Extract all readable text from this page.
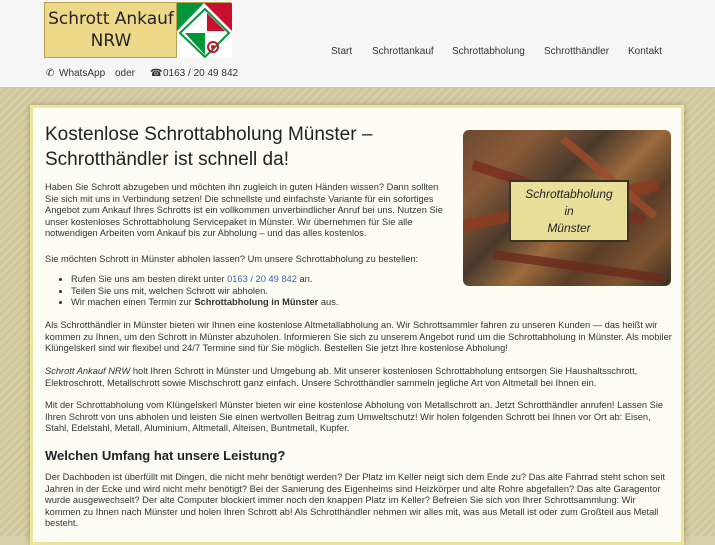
Schrott Ankauf
NRW
Start Schrottankauf Schrottabholung Schrotthändler Kontakt
✆ WhatsApp oder ☎ 0163 / 20 49 842
Kostenlose Schrottabholung Münster –
Schrotthändler ist schnell da!
Schrottabholung
in
Münster
Haben Sie Schrott abzugeben und möchten ihn zugleich in guten Händen wissen? Dann sollten Sie sich mit uns in Verbindung setzen! Die schnellste und einfachste Variante für ein sofortiges Angebot zum Ankauf Ihres Schrotts ist ein vollkommen unverbindlicher Anruf bei uns. Nutzen Sie unser kostenloses Schrottabholung Servicepaket in Münster. Wir übernehmen für Sie alle notwendigen Arbeiten vom Ankauf bis zur Abholung – und das alles kostenlos.
Sie möchten Schrott in Münster abholen lassen? Um unsere Schrottabholung zu bestellen:
• Rufen Sie uns am besten direkt unter 0163 / 20 49 842 an.
• Teilen Sie uns mit, welchen Schrott wir abholen.
• Wir machen einen Termin zur Schrottabholung in Münster aus.
Als Schrotthändler in Münster bieten wir Ihnen eine kostenlose Altmetallabholung an. Wir Schrottsammler fahren zu unseren Kunden — das heißt wir kommen zu Ihnen, um den Schrott in Münster abzuholen. Informieren Sie sich zu unserem Angebot rund um die Schrottabholung in Münster. Als mobiler Klüngelskerl sind wir flexibel und 24/7 Termine sind für Sie möglich. Bestellen Sie jetzt Ihre kostenlose Abholung!
Schrott Ankauf NRW holt Ihren Schrott in Münster und Umgebung ab. Mit unserer kostenlosen Schrottabholung entsorgen Sie Haushaltsschrott, Elektroschrott, Metallschrott sowie Mischschrott ganz einfach. Unsere Schrotthändler sammeln jegliche Art von Altmetall bei Ihnen ein.
Mit der Schrottabholung vom Klüngelskerl Münster bieten wir eine kostenlose Abholung von Metallschrott an. Jetzt Schrotthändler anrufen! Lassen Sie Ihren Schrott von uns abholen und leisten Sie einen wertvollen Beitrag zum Umweltschutz! Wir holen folgenden Schrott bei Ihnen vor Ort ab: Eisen, Stahl, Edelstahl, Metall, Aluminium, Altmetall, Alteisen, Buntmetall, Kupfer.
Welchen Umfang hat unsere Leistung?
Der Dachboden ist überfüllt mit Dingen, die nicht mehr benötigt werden? Der Platz im Keller neigt sich dem Ende zu? Das alte Fahrrad steht schon seit Jahren in der Ecke und wird nicht mehr benötigt? Bei der Sanierung des Eigenheims sind Heizkörper und alte Rohre abgefallen? Das alte Garagentor wurde ausgewechselt? Der alte Computer blockiert immer noch den knappen Platz im Keller? Befreien Sie sich von Ihrer Schrottsammlung: Wir kommen zu Ihnen nach Münster und holen Ihren Schrott ab! Als Schrotthändler nehmen wir alles mit, was aus Metall ist oder zum Großteil aus Metall besteht.
